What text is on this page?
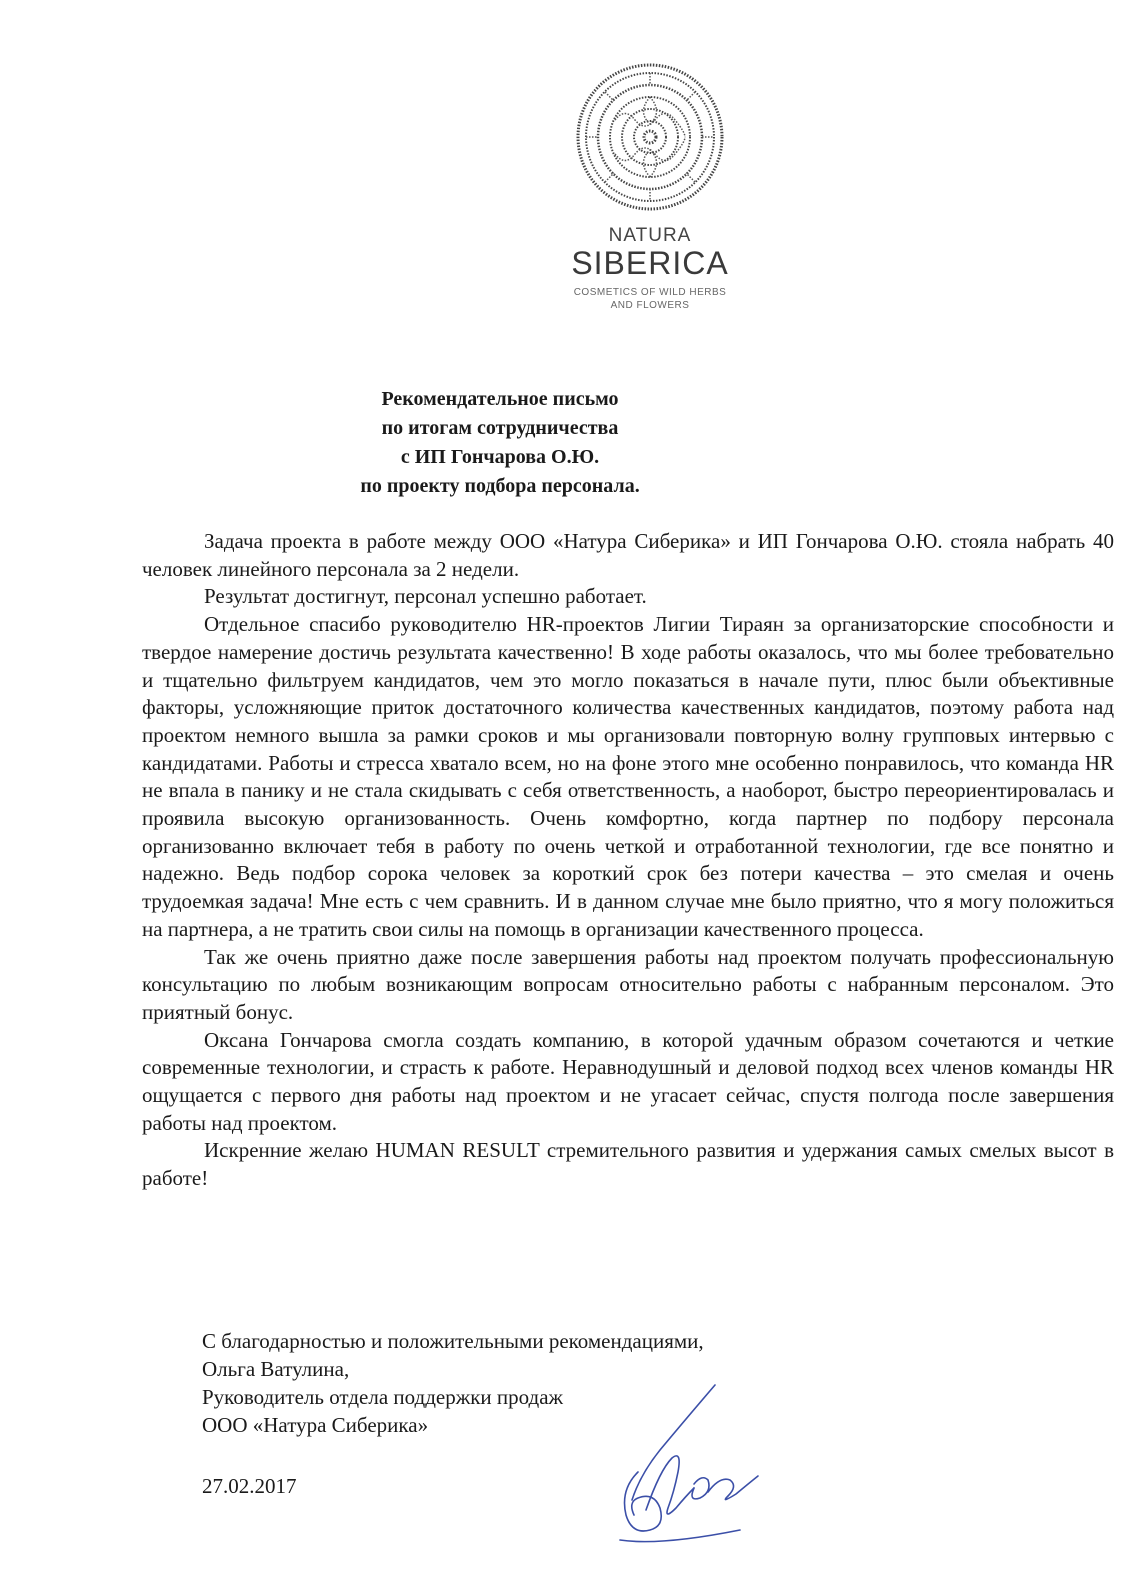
NATURA
SIBERICA
COSMETICS OF WILD HERBS
AND FLOWERS
Рекомендательное письмо
по итогам сотрудничества
с ИП Гончарова О.Ю.
по проекту подбора персонала.

Задача проекта в работе между ООО «Натура Сиберика» и ИП Гончарова О.Ю. стояла набрать 40 человек линейного персонала за 2 недели.

Результат достигнут, персонал успешно работает.

Отдельное спасибо руководителю HR-проектов Лигии Тираян за организаторские способности и твердое намерение достичь результата качественно! В ходе работы оказалось, что мы более требовательно и тщательно фильтруем кандидатов, чем это могло показаться в начале пути, плюс были объективные факторы, усложняющие приток достаточного количества качественных кандидатов, поэтому работа над проектом немного вышла за рамки сроков и мы организовали повторную волну групповых интервью с кандидатами. Работы и стресса хватало всем, но на фоне этого мне особенно понравилось, что команда HR не впала в панику и не стала скидывать с себя ответственность, а наоборот, быстро переориентировалась и проявила высокую организованность. Очень комфортно, когда партнер по подбору персонала организованно включает тебя в работу по очень четкой и отработанной технологии, где все понятно и надежно. Ведь подбор сорока человек за короткий срок без потери качества – это смелая и очень трудоемкая задача! Мне есть с чем сравнить. И в данном случае мне было приятно, что я могу положиться на партнера, а не тратить свои силы на помощь в организации качественного процесса.

Так же очень приятно даже после завершения работы над проектом получать профессиональную консультацию по любым возникающим вопросам относительно работы с набранным персоналом. Это приятный бонус.

Оксана Гончарова смогла создать компанию, в которой удачным образом сочетаются и четкие современные технологии, и страсть к работе. Неравнодушный и деловой подход всех членов команды HR ощущается с первого дня работы над проектом и не угасает сейчас, спустя полгода после завершения работы над проектом.

Искренние желаю HUMAN RESULT стремительного развития и удержания самых смелых высот в работе!

С благодарностью и положительными рекомендациями,
Ольга Ватулина,
Руководитель отдела поддержки продаж
ООО «Натура Сиберика»
27.02.2017
